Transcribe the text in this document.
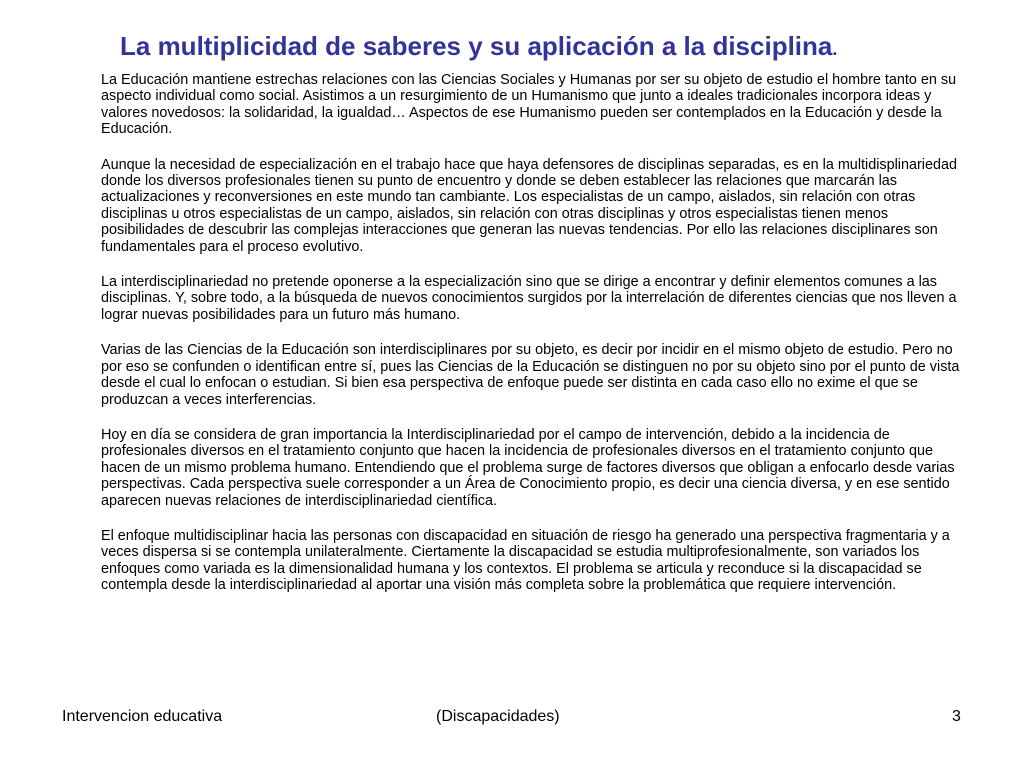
La multiplicidad de saberes y su aplicación a la disciplina.

La Educación mantiene estrechas relaciones con las Ciencias Sociales y Humanas por ser su objeto de estudio el hombre tanto en su aspecto individual como social. Asistimos a un resurgimiento de un Humanismo que junto a ideales tradicionales incorpora ideas y valores novedosos: la solidaridad, la igualdad… Aspectos de ese Humanismo pueden ser contemplados en la Educación y desde la Educación.

Aunque la necesidad de especialización en el trabajo hace que haya defensores de disciplinas separadas, es en la multidisplinariedad donde los diversos profesionales tienen su punto de encuentro y donde se deben establecer las relaciones que marcarán las actualizaciones y reconversiones en este mundo tan cambiante. Los especialistas de un campo, aislados, sin relación con otras disciplinas u otros especialistas de un campo, aislados, sin relación con otras disciplinas y otros especialistas tienen menos posibilidades de descubrir las complejas interacciones que generan las nuevas tendencias. Por ello las relaciones disciplinares son fundamentales para el proceso evolutivo.

La interdisciplinariedad no pretende oponerse a la especialización sino que se dirige a encontrar y definir elementos comunes a las disciplinas. Y, sobre todo, a la búsqueda de nuevos conocimientos surgidos por la interrelación de diferentes ciencias que nos lleven a lograr nuevas posibilidades para un futuro más humano.

Varias de las Ciencias de la Educación son interdisciplinares por su objeto, es decir por incidir en el mismo objeto de estudio. Pero no por eso se confunden o identifican entre sí, pues las Ciencias de la Educación se distinguen no por su objeto sino por el punto de vista desde el cual lo enfocan o estudian. Si bien esa perspectiva de enfoque puede ser distinta en cada caso ello no exime el que se produzcan a veces interferencias.

Hoy en día se considera de gran importancia la Interdisciplinariedad por el campo de intervención, debido a la incidencia de profesionales diversos en el tratamiento conjunto que hacen la incidencia de profesionales diversos en el tratamiento conjunto que hacen de un mismo problema humano. Entendiendo que el problema surge de factores diversos que obligan a enfocarlo desde varias perspectivas. Cada perspectiva suele corresponder a un Área de Conocimiento propio, es decir una ciencia diversa, y en ese sentido aparecen nuevas relaciones de interdisciplinariedad científica.

El enfoque multidisciplinar hacia las personas con discapacidad en situación de riesgo ha generado una perspectiva fragmentaria y a veces dispersa si se contempla unilateralmente. Ciertamente la discapacidad se estudia multiprofesionalmente, son variados los enfoques como variada es la dimensionalidad humana y los contextos. El problema se articula y reconduce si la discapacidad se contempla desde la interdisciplinariedad al aportar una visión más completa sobre la problemática que requiere intervención.

Intervencion educativa	(Discapacidades)	3
